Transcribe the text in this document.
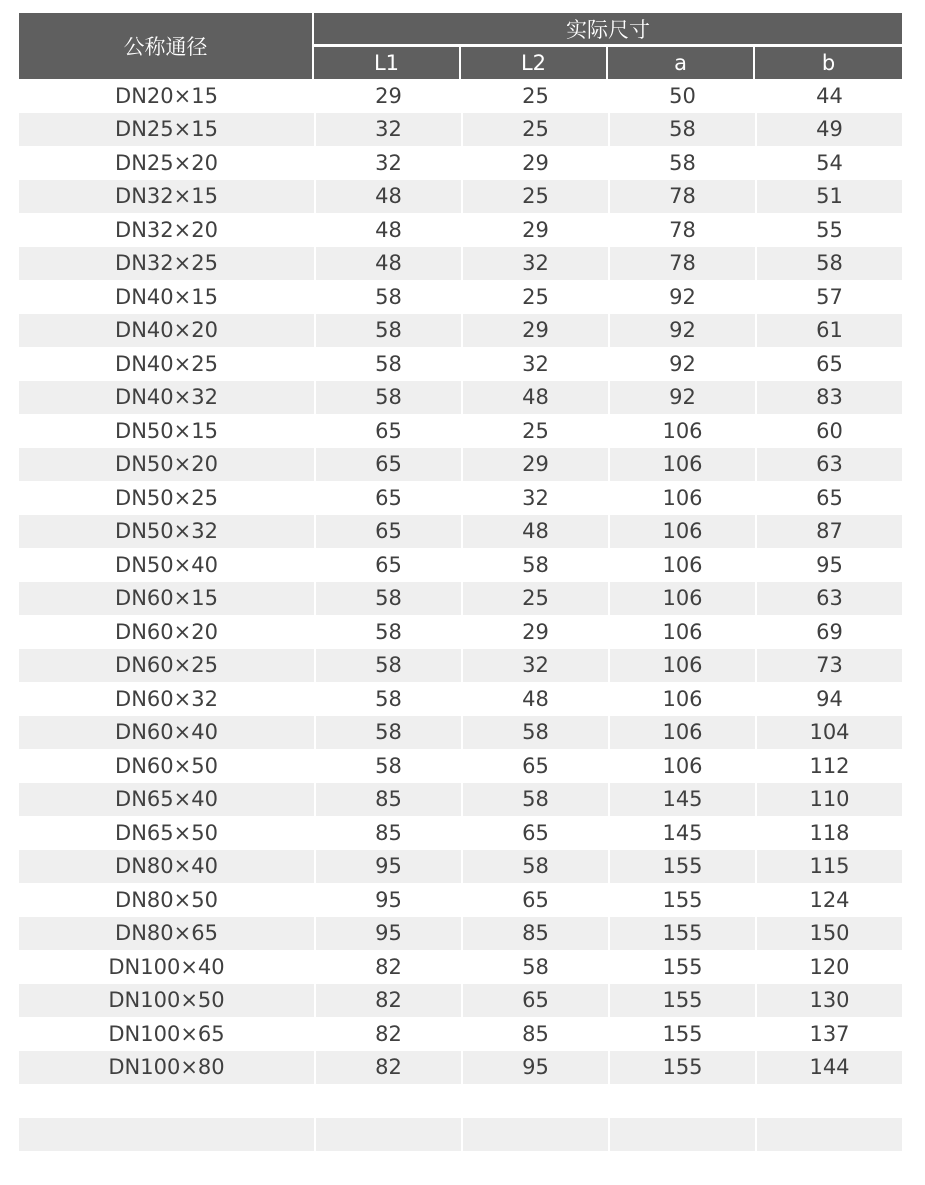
公称通径
实际尺寸
L1	L2	a	b
DN20×15	29	25	50	44
DN25×15	32	25	58	49
DN25×20	32	29	58	54
DN32×15	48	25	78	51
DN32×20	48	29	78	55
DN32×25	48	32	78	58
DN40×15	58	25	92	57
DN40×20	58	29	92	61
DN40×25	58	32	92	65
DN40×32	58	48	92	83
DN50×15	65	25	106	60
DN50×20	65	29	106	63
DN50×25	65	32	106	65
DN50×32	65	48	106	87
DN50×40	65	58	106	95
DN60×15	58	25	106	63
DN60×20	58	29	106	69
DN60×25	58	32	106	73
DN60×32	58	48	106	94
DN60×40	58	58	106	104
DN60×50	58	65	106	112
DN65×40	85	58	145	110
DN65×50	85	65	145	118
DN80×40	95	58	155	115
DN80×50	95	65	155	124
DN80×65	95	85	155	150
DN100×40	82	58	155	120
DN100×50	82	65	155	130
DN100×65	82	85	155	137
DN100×80	82	95	155	144
